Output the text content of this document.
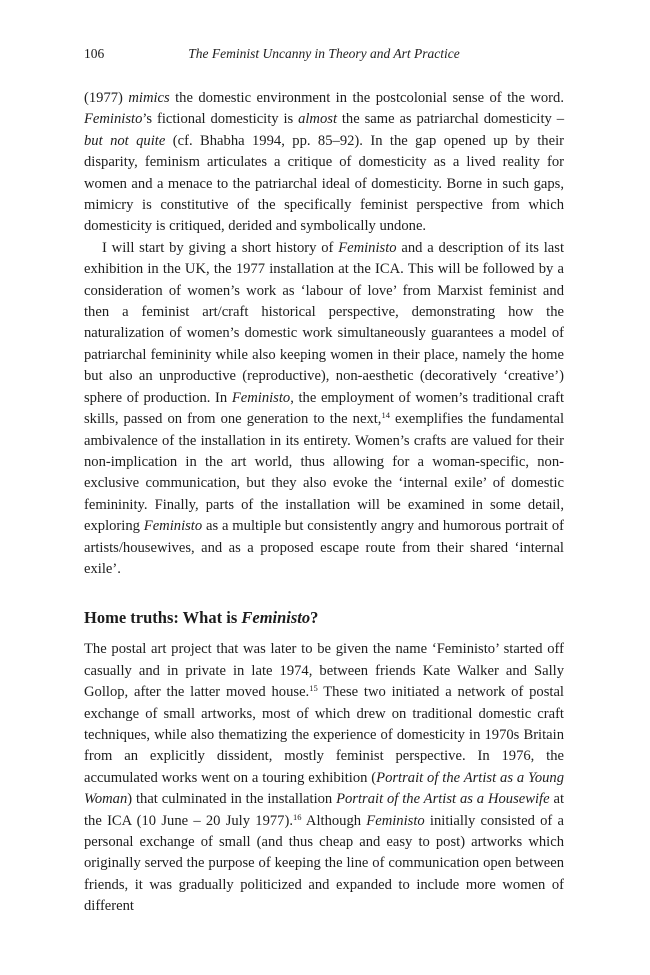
106	The Feminist Uncanny in Theory and Art Practice

(1977) mimics the domestic environment in the postcolonial sense of the word. Feministo’s fictional domesticity is almost the same as patriarchal domesticity – but not quite (cf. Bhabha 1994, pp. 85–92). In the gap opened up by their disparity, feminism articulates a critique of domesticity as a lived reality for women and a menace to the patriarchal ideal of domesticity. Borne in such gaps, mimicry is constitutive of the specifically feminist perspective from which domesticity is critiqued, derided and symbolically undone.

I will start by giving a short history of Feministo and a description of its last exhibition in the UK, the 1977 installation at the ICA. This will be followed by a consideration of women’s work as ‘labour of love’ from Marxist feminist and then a feminist art/craft historical perspective, demonstrating how the naturalization of women’s domestic work simultaneously guarantees a model of patriarchal femininity while also keeping women in their place, namely the home but also an unproductive (reproductive), non-aesthetic (decoratively ‘creative’) sphere of production. In Feministo, the employment of women’s traditional craft skills, passed on from one generation to the next,$^{14}$ exemplifies the fundamental ambivalence of the installation in its entirety. Women’s crafts are valued for their non-implication in the art world, thus allowing for a woman-specific, non-exclusive communication, but they also evoke the ‘internal exile’ of domestic femininity. Finally, parts of the installation will be examined in some detail, exploring Feministo as a multiple but consistently angry and humorous portrait of artists/housewives, and as a proposed escape route from their shared ‘internal exile’.

Home truths: What is Feministo?

The postal art project that was later to be given the name ‘Feministo’ started off casually and in private in late 1974, between friends Kate Walker and Sally Gollop, after the latter moved house.$^{15}$ These two initiated a network of postal exchange of small artworks, most of which drew on traditional domestic craft techniques, while also thematizing the experience of domesticity in 1970s Britain from an explicitly dissident, mostly feminist perspective. In 1976, the accumulated works went on a touring exhibition (Portrait of the Artist as a Young Woman) that culminated in the installation Portrait of the Artist as a Housewife at the ICA (10 June – 20 July 1977).$^{16}$ Although Feministo initially consisted of a personal exchange of small (and thus cheap and easy to post) artworks which originally served the purpose of keeping the line of communication open between friends, it was gradually politicized and expanded to include more women of different
